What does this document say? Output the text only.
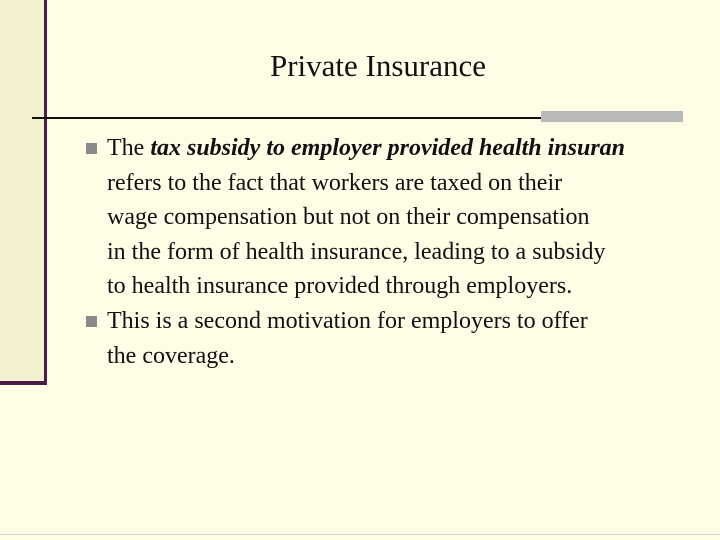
Private Insurance
The tax subsidy to employer provided health insuran
refers to the fact that workers are taxed on their
wage compensation but not on their compensation
in the form of health insurance, leading to a subsidy
to health insurance provided through employers.
This is a second motivation for employers to offer
the coverage.
